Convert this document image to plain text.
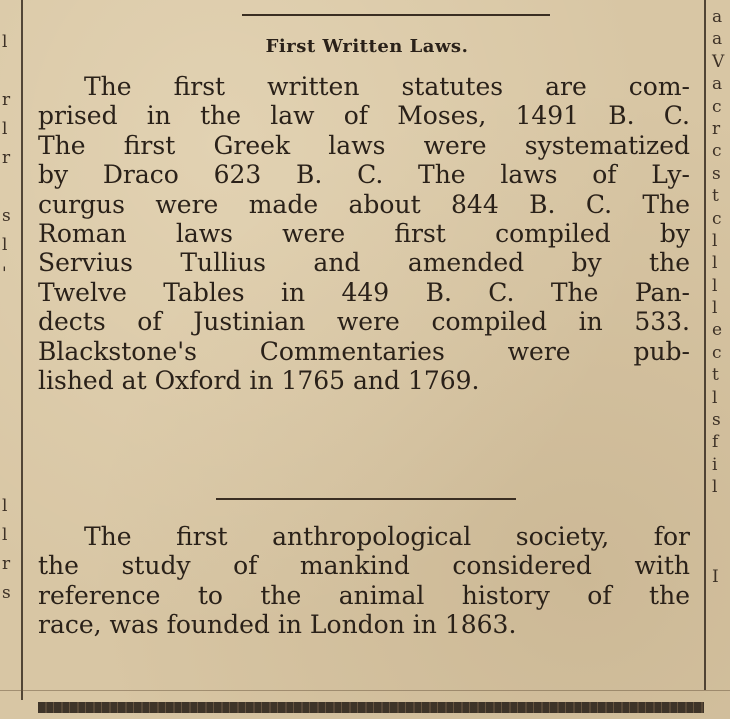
l
r
l
r
s
l
'
l
l
r
s
a
a
V
a
c
r
c
s
t
c
l
l
l
l
e
c
t
l
s
f
i
l
I
First Written Laws.
The first written statutes are com-
prised in the law of Moses, 1491 B. C.
The first Greek laws were systematized
by Draco 623 B. C. The laws of Ly-
curgus were made about 844 B. C. The
Roman laws were first compiled by
Servius Tullius and amended by the
Twelve Tables in 449 B. C. The Pan-
dects of Justinian were compiled in 533.
Blackstone's Commentaries were pub-
lished at Oxford in 1765 and 1769.
The first anthropological society, for
the study of mankind considered with
reference to the animal history of the
race, was founded in London in 1863.
